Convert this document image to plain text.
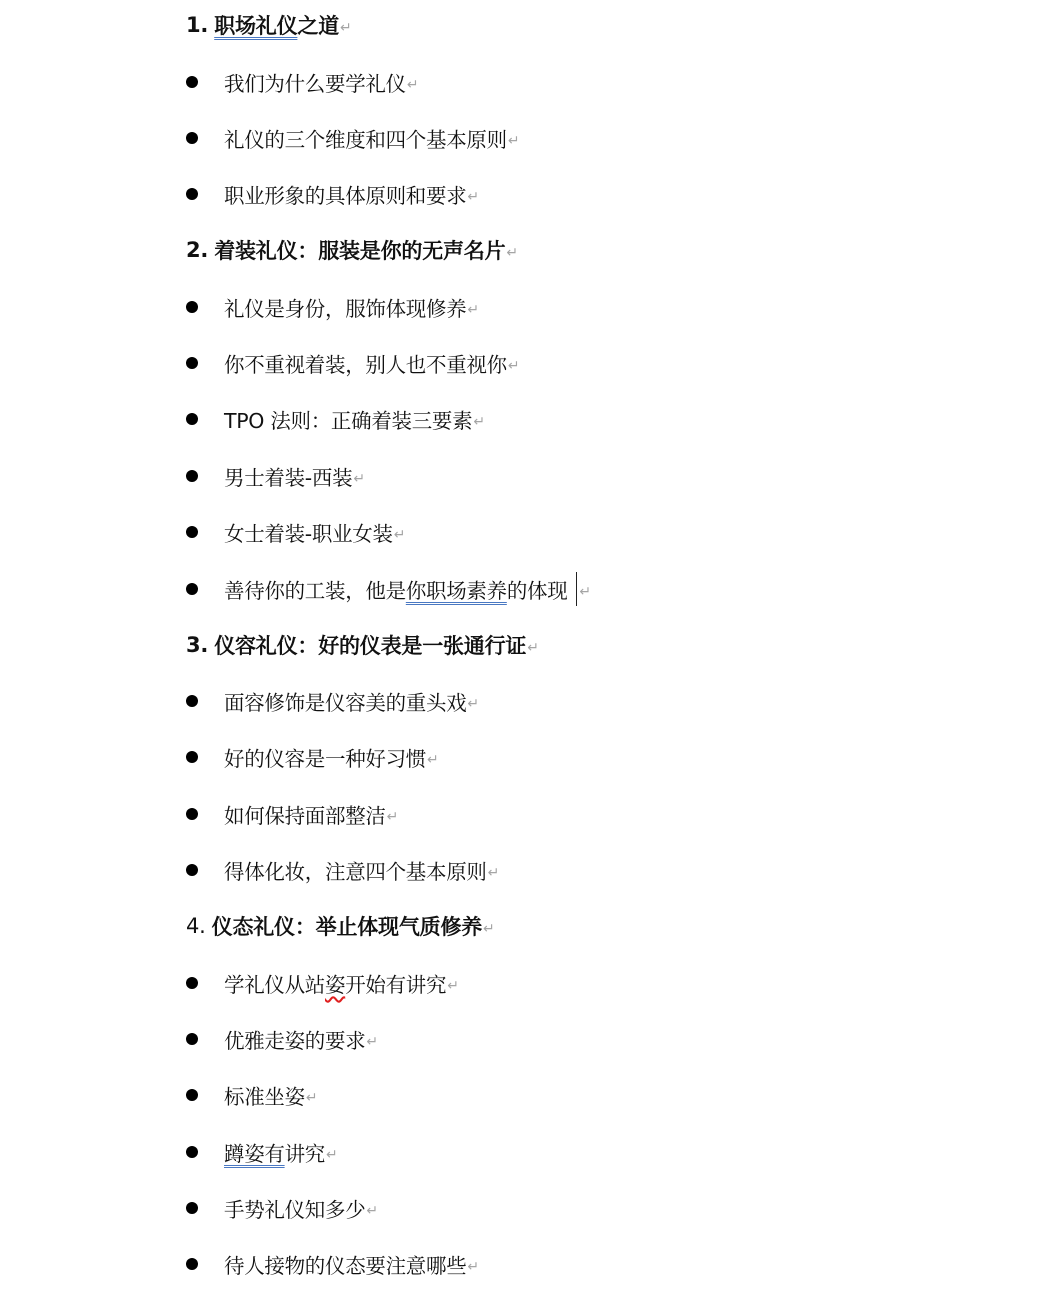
1. 职场礼仪 之道 ↵
我们为什么要学礼仪 ↵
礼仪的三个维度和四个基本原则 ↵
职业形象的具体原则和要求 ↵
2. 着装礼仪：服装是你的无声名片 ↵
礼仪是身份，服饰体现修养 ↵
你不重视着装，别人也不重视你 ↵
TPO 法则：正确着装三要素 ↵
男士着装-西装 ↵
女士着装-职业女装 ↵
善待你的工装，他是 你职场素养 的体现 ↵
3. 仪容礼仪：好的仪表是一张通行证 ↵
面容修饰是仪容美的重头戏 ↵
好的仪容是一种好习惯 ↵
如何保持面部整洁 ↵
得体化妆，注意四个基本原则 ↵
4. 仪态礼仪：举止体现气质修养 ↵
学礼仪从站 姿 开始有讲究 ↵
优雅走姿的要求 ↵
标准坐姿 ↵
蹲姿有 讲究 ↵
手势礼仪知多少 ↵
待人接物的仪态要注意哪些 ↵
